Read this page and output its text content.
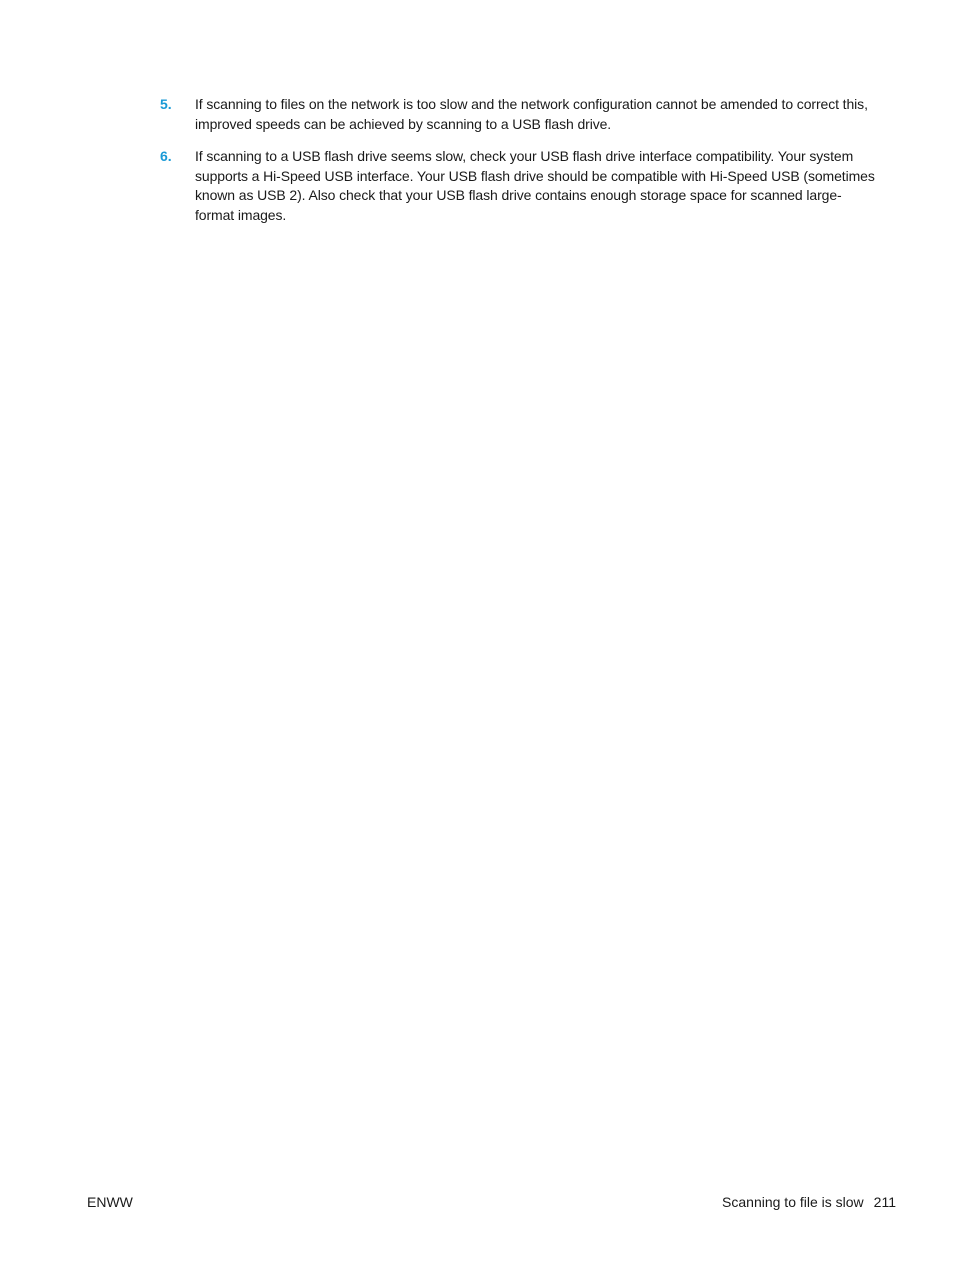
5.	If scanning to files on the network is too slow and the network configuration cannot be amended to correct this, improved speeds can be achieved by scanning to a USB flash drive.
6.	If scanning to a USB flash drive seems slow, check your USB flash drive interface compatibility. Your system supports a Hi-Speed USB interface. Your USB flash drive should be compatible with Hi-Speed USB (sometimes known as USB 2). Also check that your USB flash drive contains enough storage space for scanned large-format images.
ENWW	Scanning to file is slow 211
